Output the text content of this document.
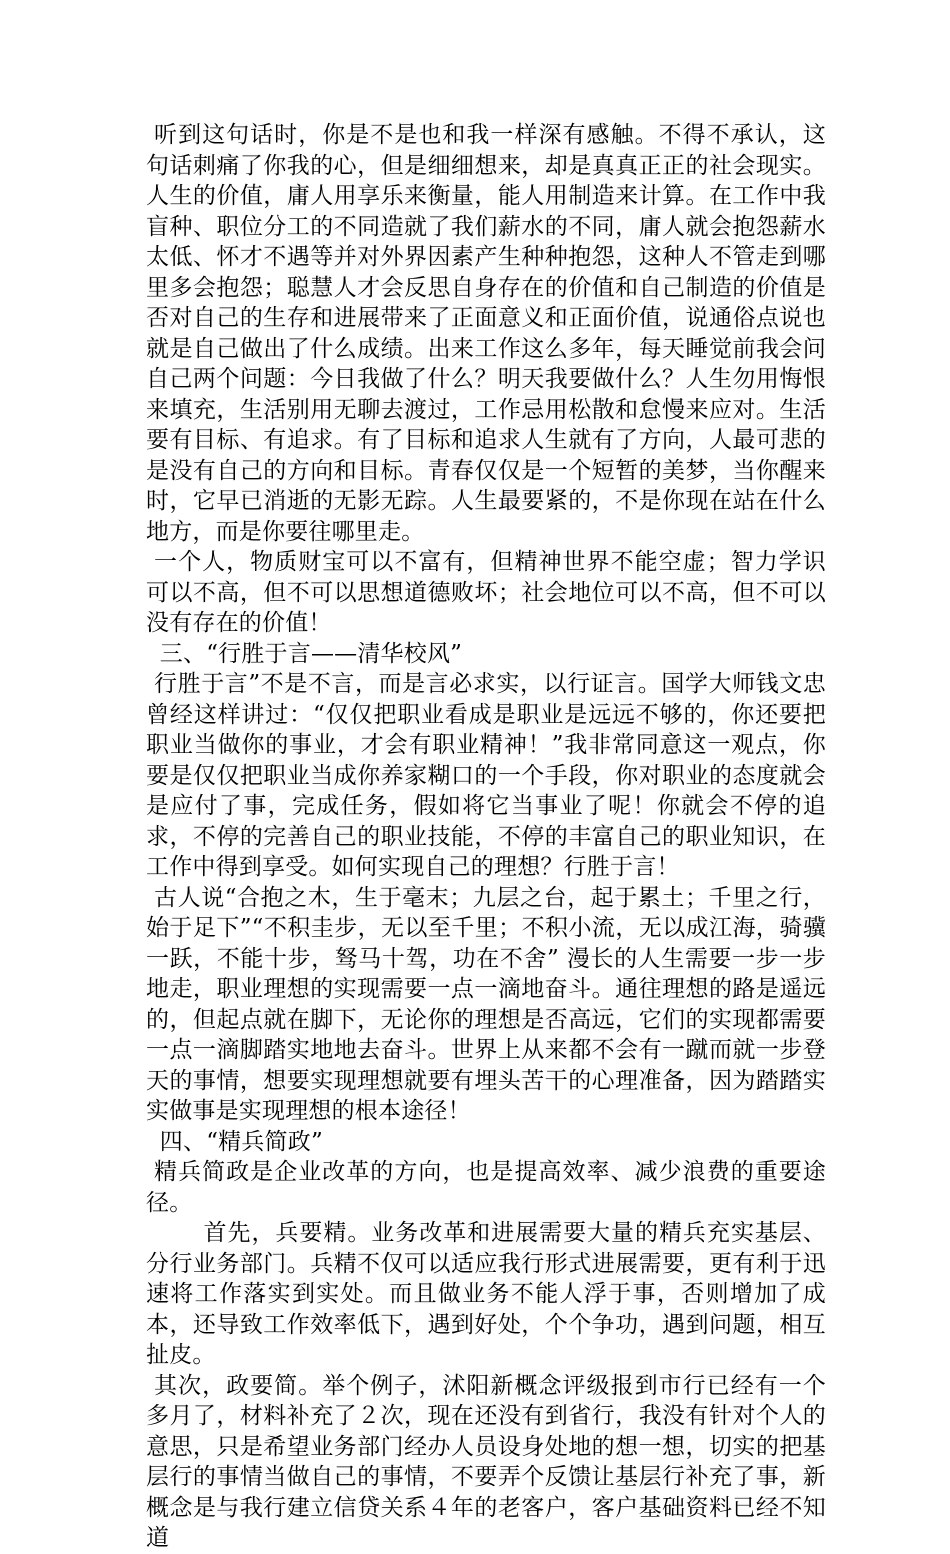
听到这句话时，你是不是也和我一样深有感触。不得不承认，这句话刺痛了你我的心，但是细细想来，却是真真正正的社会现实。人生的价值，庸人用享乐来衡量，能人用制造来计算。在工作中我盲种、职位分工的不同造就了我们薪水的不同，庸人就会抱怨薪水太低、怀才不遇等并对外界因素产生种种抱怨，这种人不管走到哪里多会抱怨；聪慧人才会反思自身存在的价值和自己制造的价值是否对自己的生存和进展带来了正面意义和正面价值，说通俗点说也就是自己做出了什么成绩。出来工作这么多年，每天睡觉前我会问自己两个问题：今日我做了什么？明天我要做什么？人生勿用悔恨来填充，生活别用无聊去渡过，工作忌用松散和怠慢来应对。生活要有目标、有追求。有了目标和追求人生就有了方向，人最可悲的是没有自己的方向和目标。青春仅仅是一个短暂的美梦，当你醒来时，它早已消逝的无影无踪。人生最要紧的，不是你现在站在什么地方，而是你要往哪里走。

一个人，物质财宝可以不富有，但精神世界不能空虚；智力学识可以不高，但不可以思想道德败坏；社会地位可以不高，但不可以没有存在的价值！

三、“行胜于言——清华校风”

行胜于言”不是不言，而是言必求实，以行证言。国学大师钱文忠曾经这样讲过：“仅仅把职业看成是职业是远远不够的，你还要把职业当做你的事业，才会有职业精神！”我非常同意这一观点，你要是仅仅把职业当成你养家糊口的一个手段，你对职业的态度就会是应付了事，完成任务，假如将它当事业了呢！你就会不停的追求，不停的完善自己的职业技能，不停的丰富自己的职业知识，在工作中得到享受。如何实现自己的理想？行胜于言！

古人说“合抱之木，生于毫末；九层之台，起于累土；千里之行，始于足下”“不积圭步，无以至千里；不积小流，无以成江海，骑骥一跃，不能十步，驽马十驾，功在不舍” 漫长的人生需要一步一步地走，职业理想的实现需要一点一滴地奋斗。通往理想的路是遥远的，但起点就在脚下，无论你的理想是否高远，它们的实现都需要一点一滴脚踏实地地去奋斗。世界上从来都不会有一蹴而就一步登天的事情，想要实现理想就要有埋头苦干的心理准备，因为踏踏实实做事是实现理想的根本途径！

四、“精兵简政”

精兵简政是企业改革的方向，也是提高效率、减少浪费的重要途径。

首先，兵要精。业务改革和进展需要大量的精兵充实基层、分行业务部门。兵精不仅可以适应我行形式进展需要，更有利于迅速将工作落实到实处。而且做业务不能人浮于事，否则增加了成本，还导致工作效率低下，遇到好处，个个争功，遇到问题，相互扯皮。

其次，政要简。举个例子，沭阳新概念评级报到市行已经有一个多月了，材料补充了２次，现在还没有到省行，我没有针对个人的意思，只是希望业务部门经办人员设身处地的想一想，切实的把基层行的事情当做自己的事情，不要弄个反馈让基层行补充了事，新概念是与我行建立信贷关系４年的老客户，客户基础资料已经不知道
